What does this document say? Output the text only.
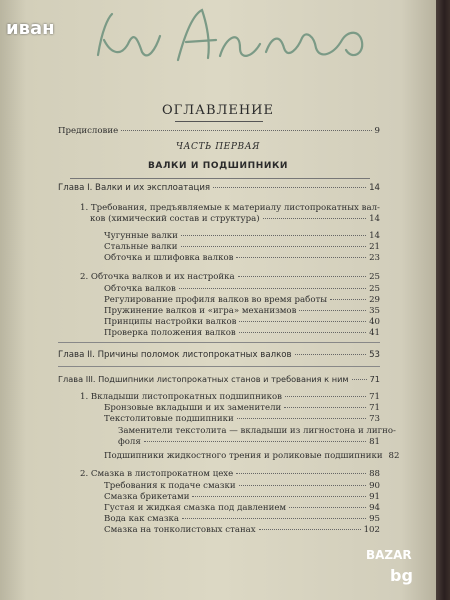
иван
BAZAR
bg
ОГЛАВЛЕНИЕ
ЧАСТЬ ПЕРВАЯ
ВАЛКИ И ПОДШИПНИКИ
Предисловие	9
Глава I. Валки и их эксплоатация	14
1. Требования, предъявляемые к материалу листопрокатных вал-
ков (химический состав и структура)	14
Чугунные валки	14
Стальные валки	21
Обточка и шлифовка валков	23
2. Обточка валков и их настройка	25
Обточка валков	25
Регулирование профиля валков во время работы	29
Пружинение валков и «игра» механизмов	35
Принципы настройки валков	40
Проверка положения валков	41
Глава II. Причины поломок листопрокатных валков	53
Глава III. Подшипники листопрокатных станов и требования к ним	71
1. Вкладыши листопрокатных подшипников	71
Бронзовые вкладыши и их заменители	71
Текстолитовые подшипники	73
Заменители текстолита — вкладыши из лигностона и лигно-
фоля	81
Подшипники жидкостного трения и роликовые подшипники 82
2. Смазка в листопрокатном цехе	88
Требования к подаче смазки	90
Смазка брикетами	91
Густая и жидкая смазка под давлением	94
Вода как смазка	95
Смазка на тонколистовых станах	102
